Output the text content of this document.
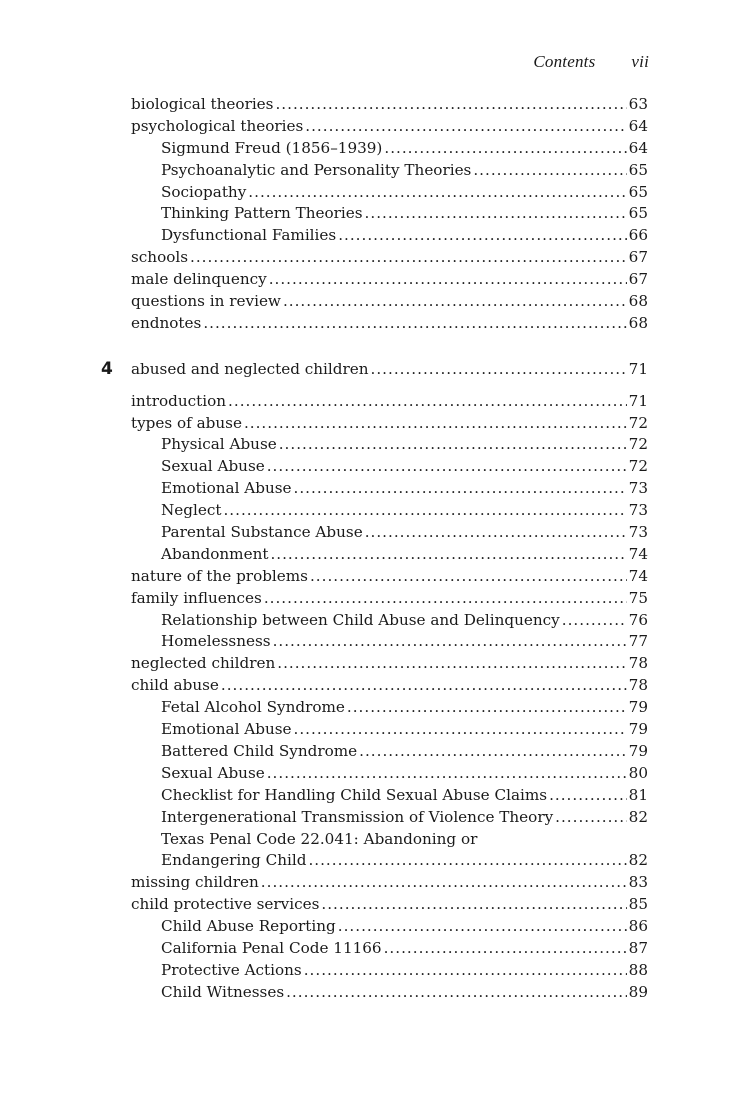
Contents vii
biological theories .....	63
psychological theories .....	64
Sigmund Freud (1856–1939) .....	64
Psychoanalytic and Personality Theories .....	65
Sociopathy .....	65
Thinking Pattern Theories .....	65
Dysfunctional Families .....	66
schools .....	67
male delinquency .....	67
questions in review .....	68
endnotes .....	68
4 abused and neglected children .....	71
introduction .....	71
types of abuse .....	72
Physical Abuse .....	72
Sexual Abuse .....	72
Emotional Abuse .....	73
Neglect .....	73
Parental Substance Abuse .....	73
Abandonment .....	74
nature of the problems .....	74
family influences .....	75
Relationship between Child Abuse and Delinquency .....	76
Homelessness .....	77
neglected children .....	78
child abuse .....	78
Fetal Alcohol Syndrome .....	79
Emotional Abuse .....	79
Battered Child Syndrome .....	79
Sexual Abuse .....	80
Checklist for Handling Child Sexual Abuse Claims .....	81
Intergenerational Transmission of Violence Theory .....	82
Texas Penal Code 22.041: Abandoning or
Endangering Child .....	82
missing children .....	83
child protective services .....	85
Child Abuse Reporting .....	86
California Penal Code 11166 .....	87
Protective Actions .....	88
Child Witnesses .....	89
